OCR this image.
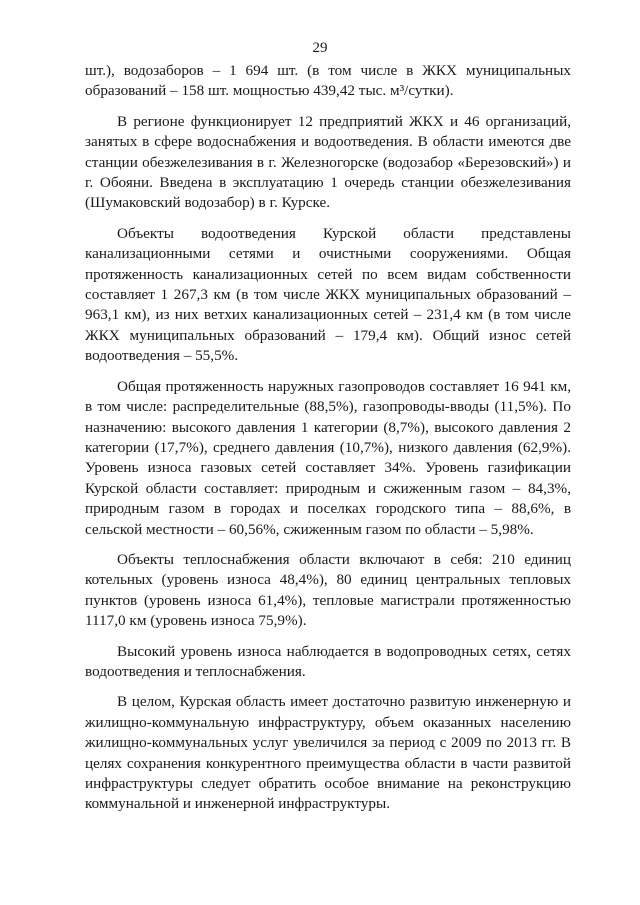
29

шт.), водозаборов – 1 694 шт. (в том числе в ЖКХ муниципальных образований – 158 шт. мощностью 439,42 тыс. м³/сутки).

В регионе функционирует 12 предприятий ЖКХ и 46 организаций, занятых в сфере водоснабжения и водоотведения. В области имеются две станции обезжелезивания в г. Железногорске (водозабор «Березовский») и г. Обояни. Введена в эксплуатацию 1 очередь станции обезжелезивания (Шумаковский водозабор) в г. Курске.

Объекты водоотведения Курской области представлены канализационными сетями и очистными сооружениями. Общая протяженность канализационных сетей по всем видам собственности составляет 1 267,3 км (в том числе ЖКХ муниципальных образований – 963,1 км), из них ветхих канализационных сетей – 231,4 км (в том числе ЖКХ муниципальных образований – 179,4 км). Общий износ сетей водоотведения – 55,5%.

Общая протяженность наружных газопроводов составляет 16 941 км, в том числе: распределительные (88,5%), газопроводы-вводы (11,5%). По назначению: высокого давления 1 категории (8,7%), высокого давления 2 категории (17,7%), среднего давления (10,7%), низкого давления (62,9%). Уровень износа газовых сетей составляет 34%. Уровень газификации Курской области составляет: природным и сжиженным газом – 84,3%, природным газом в городах и поселках городского типа – 88,6%, в сельской местности – 60,56%, сжиженным газом по области – 5,98%.

Объекты теплоснабжения области включают в себя: 210 единиц котельных (уровень износа 48,4%), 80 единиц центральных тепловых пунктов (уровень износа 61,4%), тепловые магистрали протяженностью 1117,0 км (уровень износа 75,9%).

Высокий уровень износа наблюдается в водопроводных сетях, сетях водоотведения и теплоснабжения.

В целом, Курская область имеет достаточно развитую инженерную и жилищно-коммунальную инфраструктуру, объем оказанных населению жилищно-коммунальных услуг увеличился за период с 2009 по 2013 гг. В целях сохранения конкурентного преимущества области в части развитой инфраструктуры следует обратить особое внимание на реконструкцию коммунальной и инженерной инфраструктуры.
